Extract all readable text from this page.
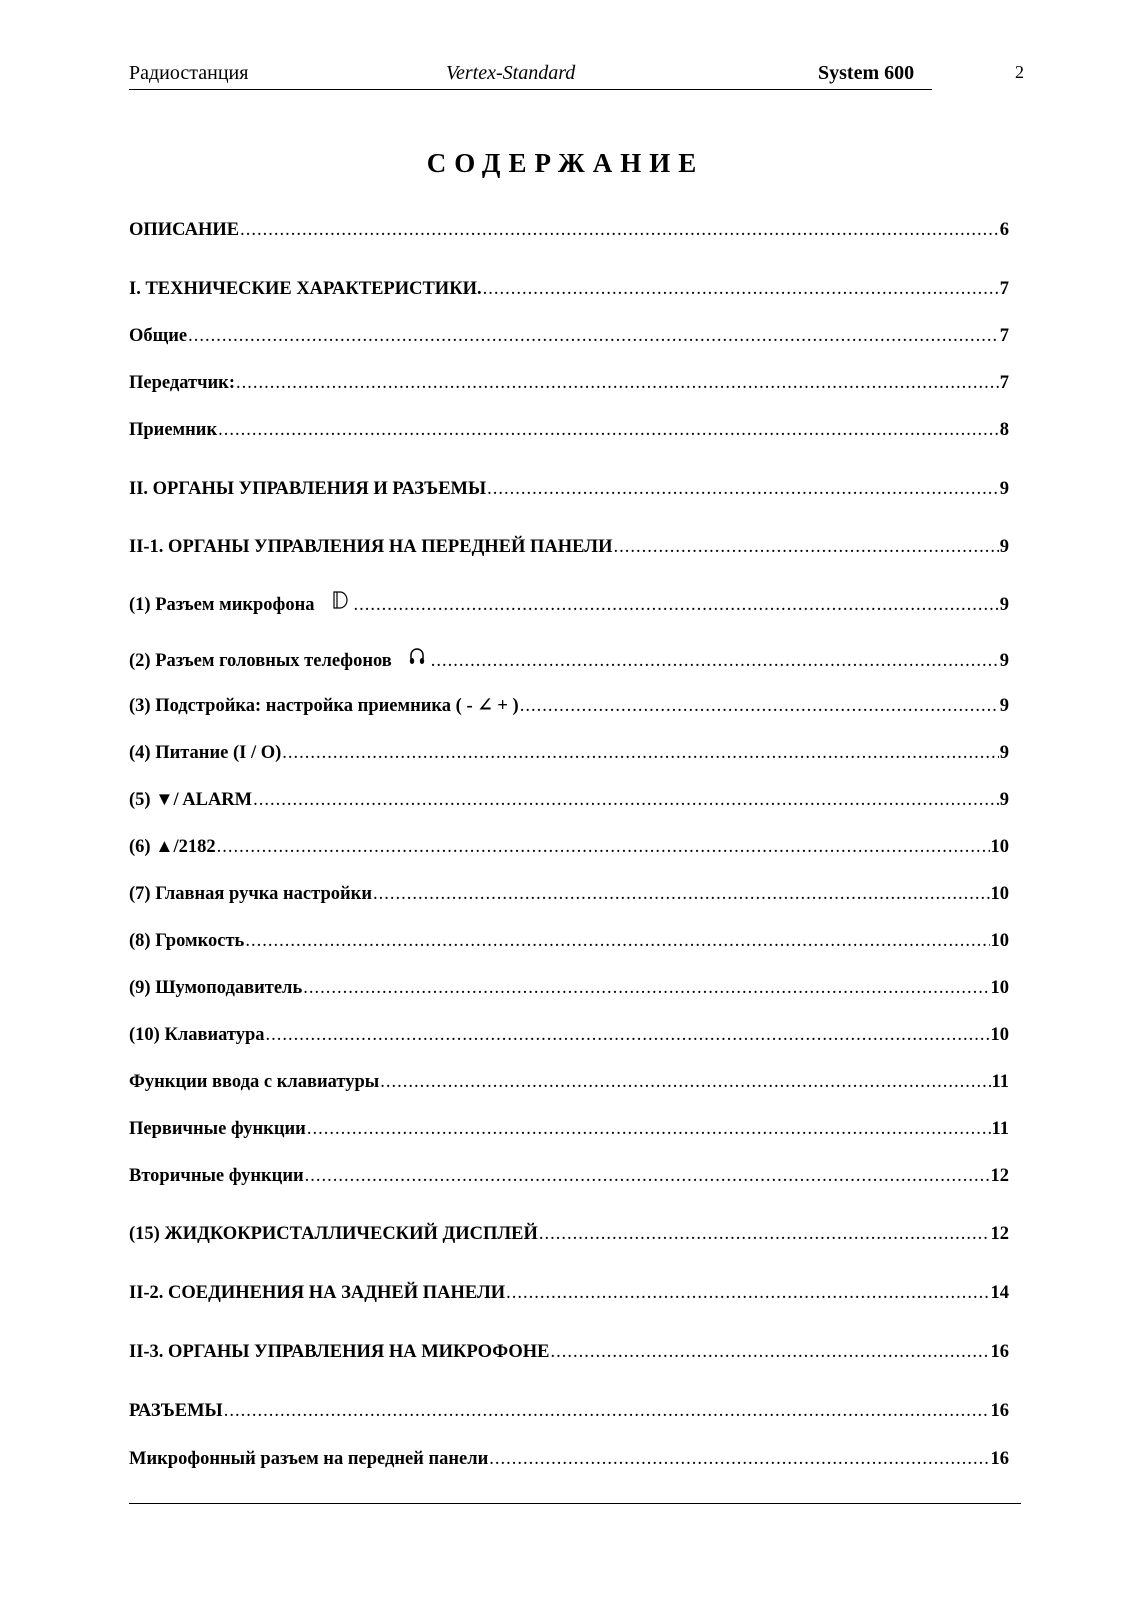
Радиостанция	Vertex-Standard	System 600	2
СОДЕРЖАНИЕ
ОПИСАНИЕ .....	6
I. ТЕХНИЧЕСКИЕ ХАРАКТЕРИСТИКИ. .....	7
Общие .....	7
Передатчик: .....	7
Приемник .....	8
II. ОРГАНЫ УПРАВЛЕНИЯ И РАЗЪЕМЫ .....	9
II-1. ОРГАНЫ УПРАВЛЕНИЯ НА ПЕРЕДНЕЙ ПАНЕЛИ .....	9
(1) Разъем микрофона .....	9
(2) Разъем головных телефонов .....	9
(3) Подстройка: настройка приемника ( - ∠ + ) .....	9
(4) Питание (I / O) .....	9
(5) ▼/ ALARM .....	9
(6) ▲/2182 .....	10
(7) Главная ручка настройки .....	10
(8) Громкость .....	10
(9) Шумоподавитель .....	10
(10) Клавиатура .....	10
Функции ввода с клавиатуры .....	11
Первичные функции .....	11
Вторичные функции .....	12
(15) ЖИДКОКРИСТАЛЛИЧЕСКИЙ ДИСПЛЕЙ .....	12
II-2. СОЕДИНЕНИЯ НА ЗАДНЕЙ ПАНЕЛИ .....	14
II-3. ОРГАНЫ УПРАВЛЕНИЯ НА МИКРОФОНЕ .....	16
РАЗЪЕМЫ .....	16
Микрофонный разъем на передней панели .....	16
